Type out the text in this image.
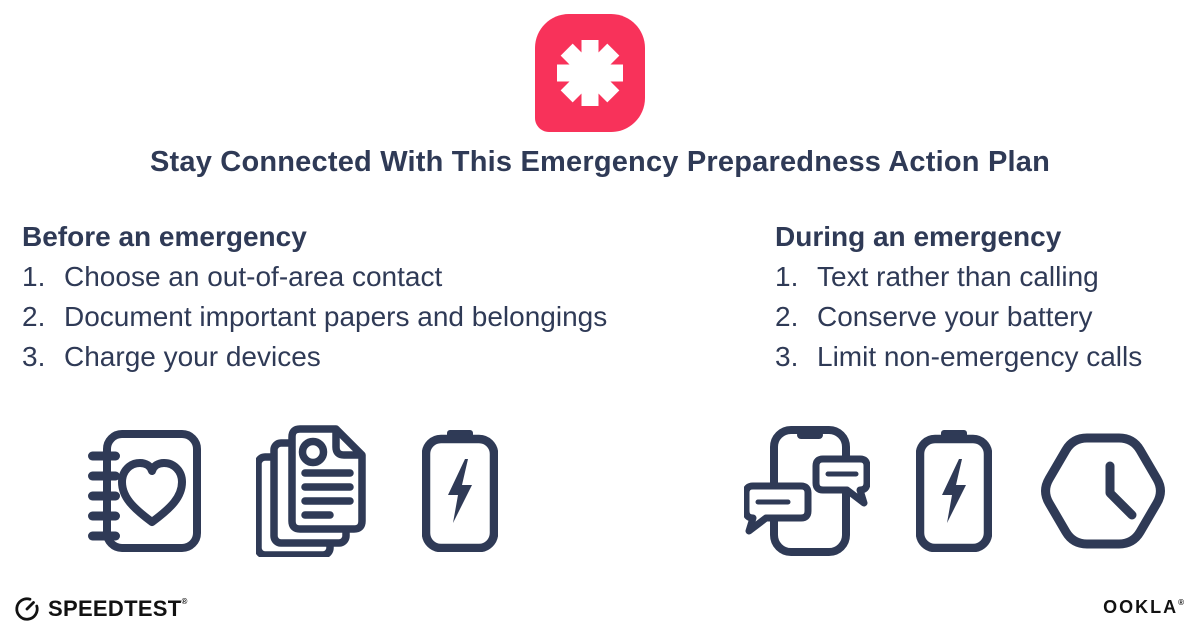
Stay Connected With This Emergency Preparedness Action Plan
Before an emergency
1. Choose an out-of-area contact
2. Document important papers and belongings
3. Charge your devices
During an emergency
1. Text rather than calling
2. Conserve your battery
3. Limit non-emergency calls
SPEEDTEST®	OOKLA®
